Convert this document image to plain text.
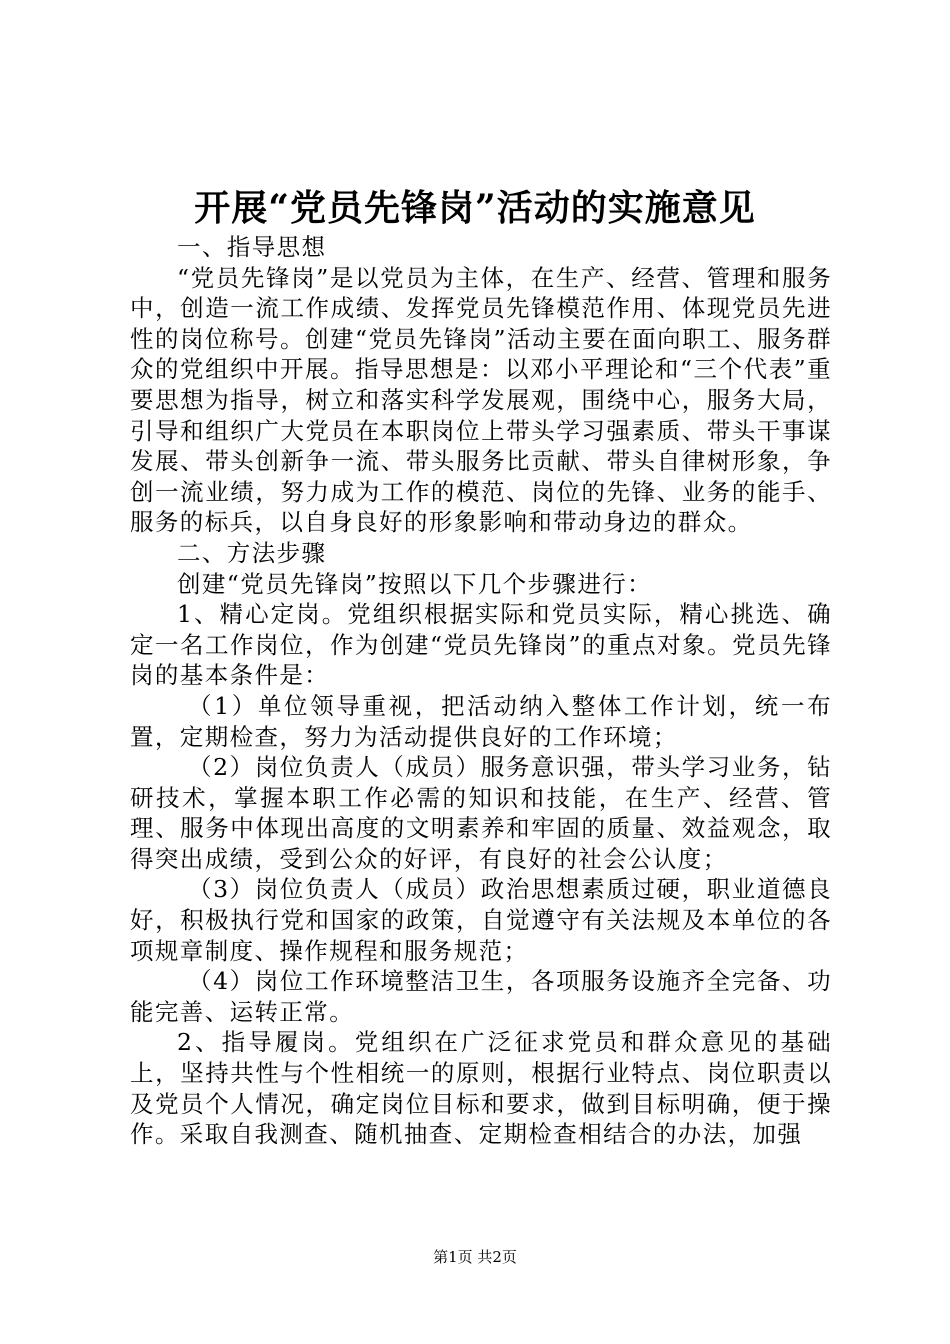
开展“党员先锋岗”活动的实施意见

一、指导思想

“党员先锋岗”是以党员为主体，在生产、经营、管理和服务中，创造一流工作成绩、发挥党员先锋模范作用、体现党员先进性的岗位称号。创建“党员先锋岗”活动主要在面向职工、服务群众的党组织中开展。指导思想是：以邓小平理论和“三个代表”重要思想为指导，树立和落实科学发展观，围绕中心，服务大局，引导和组织广大党员在本职岗位上带头学习强素质、带头干事谋发展、带头创新争一流、带头服务比贡献、带头自律树形象，争创一流业绩，努力成为工作的模范、岗位的先锋、业务的能手、服务的标兵，以自身良好的形象影响和带动身边的群众。

二、方法步骤

创建“党员先锋岗”按照以下几个步骤进行：

1、精心定岗。党组织根据实际和党员实际，精心挑选、确定一名工作岗位，作为创建“党员先锋岗”的重点对象。党员先锋岗的基本条件是：

（1）单位领导重视，把活动纳入整体工作计划，统一布置，定期检查，努力为活动提供良好的工作环境；

（2）岗位负责人（成员）服务意识强，带头学习业务，钻研技术，掌握本职工作必需的知识和技能，在生产、经营、管理、服务中体现出高度的文明素养和牢固的质量、效益观念，取得突出成绩，受到公众的好评，有良好的社会公认度；

（3）岗位负责人（成员）政治思想素质过硬，职业道德良好，积极执行党和国家的政策，自觉遵守有关法规及本单位的各项规章制度、操作规程和服务规范；

（4）岗位工作环境整洁卫生，各项服务设施齐全完备、功能完善、运转正常。

2、指导履岗。党组织在广泛征求党员和群众意见的基础上，坚持共性与个性相统一的原则，根据行业特点、岗位职责以及党员个人情况，确定岗位目标和要求，做到目标明确，便于操作。采取自我测查、随机抽查、定期检查相结合的办法，加强

第1页 共2页
